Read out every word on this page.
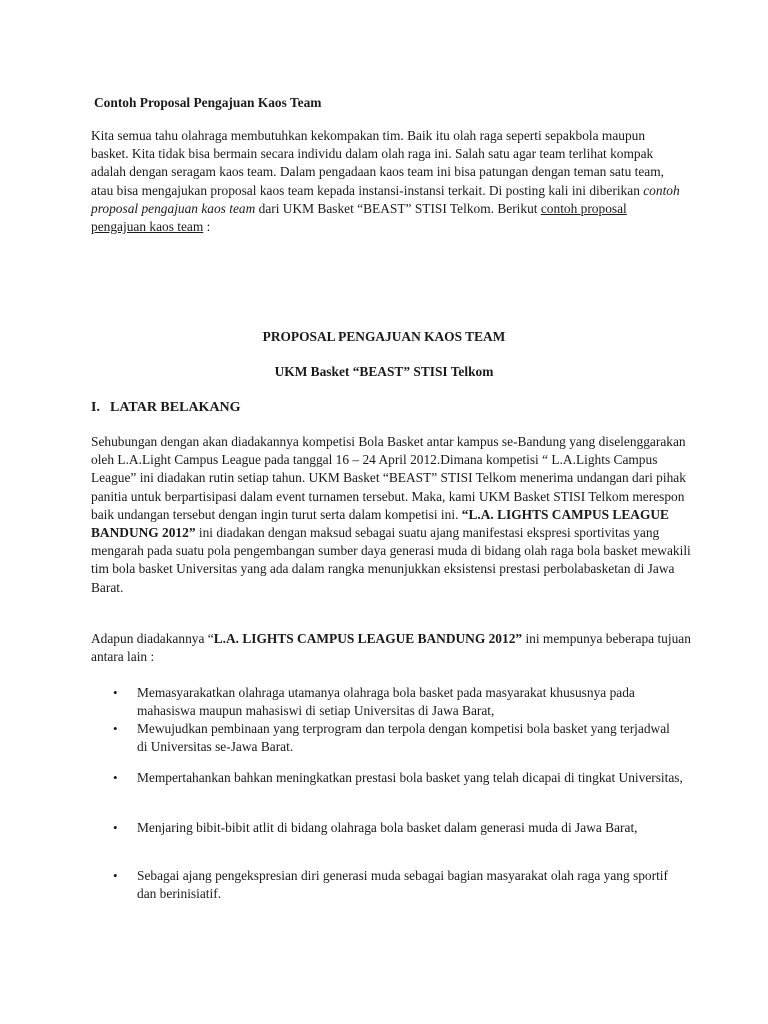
Contoh Proposal Pengajuan Kaos Team

Kita semua tahu olahraga membutuhkan kekompakan tim. Baik itu olah raga seperti sepakbola maupun basket. Kita tidak bisa bermain secara individu dalam olah raga ini. Salah satu agar team terlihat kompak adalah dengan seragam kaos team. Dalam pengadaan kaos team ini bisa patungan dengan teman satu team, atau bisa mengajukan proposal kaos team kepada instansi-instansi terkait. Di posting kali ini diberikan contoh proposal pengajuan kaos team dari UKM Basket “BEAST” STISI Telkom. Berikut contoh proposal pengajuan kaos team :

PROPOSAL PENGAJUAN KAOS TEAM
UKM Basket “BEAST” STISI Telkom
I. LATAR BELAKANG

Sehubungan dengan akan diadakannya kompetisi Bola Basket antar kampus se-Bandung yang diselenggarakan oleh L.A.Light Campus League pada tanggal 16 – 24 April 2012.Dimana kompetisi “ L.A.Lights Campus League” ini diadakan rutin setiap tahun. UKM Basket “BEAST” STISI Telkom menerima undangan dari pihak panitia untuk berpartisipasi dalam event turnamen tersebut. Maka, kami UKM Basket STISI Telkom merespon baik undangan tersebut dengan ingin turut serta dalam kompetisi ini. “L.A. LIGHTS CAMPUS LEAGUE BANDUNG 2012” ini diadakan dengan maksud sebagai suatu ajang manifestasi ekspresi sportivitas yang mengarah pada suatu pola pengembangan sumber daya generasi muda di bidang olah raga bola basket mewakili tim bola basket Universitas yang ada dalam rangka menunjukkan eksistensi prestasi perbolabasketan di Jawa Barat.

Adapun diadakannya “L.A. LIGHTS CAMPUS LEAGUE BANDUNG 2012” ini mempunya beberapa tujuan antara lain :

•	Memasyarakatkan olahraga utamanya olahraga bola basket pada masyarakat khususnya pada mahasiswa maupun mahasiswi di setiap Universitas di Jawa Barat,
•	Mewujudkan pembinaan yang terprogram dan terpola dengan kompetisi bola basket yang terjadwal di Universitas se-Jawa Barat.
•	Mempertahankan bahkan meningkatkan prestasi bola basket yang telah dicapai di tingkat Universitas,
•	Menjaring bibit-bibit atlit di bidang olahraga bola basket dalam generasi muda di Jawa Barat,
•	Sebagai ajang pengekspresian diri generasi muda sebagai bagian masyarakat olah raga yang sportif dan berinisiatif.
